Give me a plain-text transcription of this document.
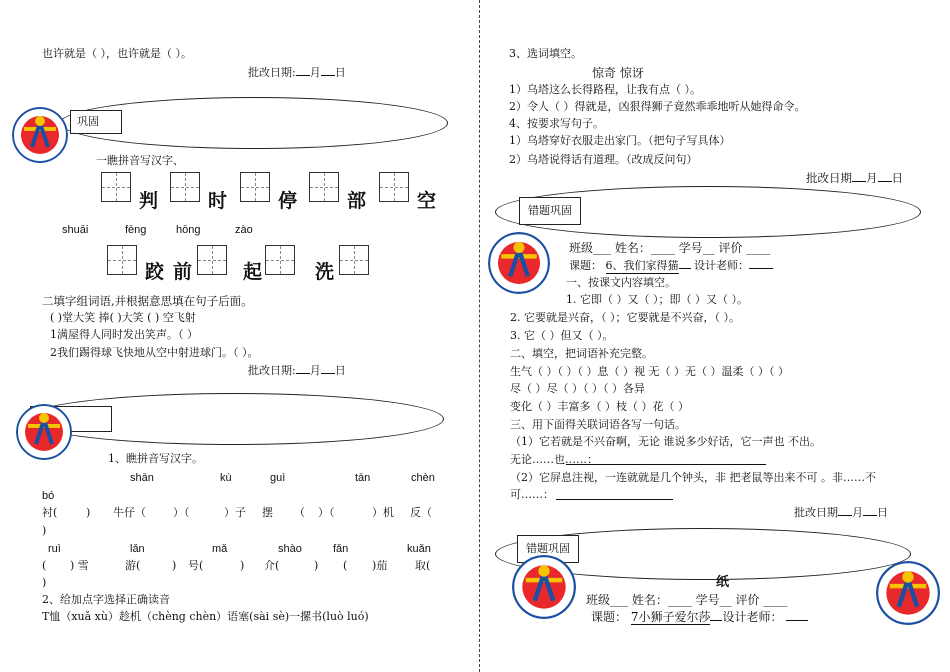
也许就是（ ），也许就是（ ）。
批改日期: 月 日
巩固
一瞧拼音写汉字、
判	时	停	部	空
shuāi	fēng	hōng	zào
跤 前	起	洗
二填字组词语,并根据意思填在句子后面。
( )堂大笑 捧( )大笑 ( ) 空飞射
1满屋得人同时发出笑声。（ ）
2我们踢得球飞快地从空中射进球门。（ ）。
批改日期: 月 日
1、瞧拼音写汉字。
shān	kù	guì	tān	chèn
bó
衬(	) 牛仔（ ）（	）子 摆 （ ）（	）机 反（
)
ruì	lǎn	mǎ	shào	fǎn	kuǎn
( ) 雪	游(	) 号(	) 介(	) ( )茄	取(
)
2、给加点字选择正确读音
T恤（xuǎ xù）趁机（chèng chèn）语塞(sài sè)一摞书(luò luó)
3、选词填空。
惊奇 惊讶
1）乌塔这么长得路程，让我有点（ ）。
2）令人（ ）得就是，凶狠得狮子竟然乖乖地听从她得命令。
4、按要求写句子。
1）乌塔穿好衣服走出家门。（把句子写具体）
2）乌塔说得话有道理。（改成反问句）
批改日期 月 日
错题巩固
班级___ 姓名：____ 学号__ 评价 ____
课题： 6、我们家得猫 设计老师：
一、按课文内容填空。
1. 它即（ ）又（ ）；即（ ）又（ ）。
2. 它要就是兴奋，（ ）；它要就是不兴奋，（ ）。
3. 它（ ）但又（ ）。
二、填空，把词语补充完整。
生气（ ）（ ）（ ）息（ ）视 无（ ）无（ ）温柔（ ）（ ）
尽（ ）尽（ ）（ ）（ ）各异
变化（ ）丰富多（ ）枝（ ）花（ ）
三、用下面得关联词语各写一句话。
（1）它若就是不兴奋啊，无论 谁说多少好话，它一声也 不出。
无论……也……：
（2）它屏息注视，一连就就是几个钟头，非 把老鼠等出来不可 。非……不
可……：
批改日期 月 日
错题巩固
纸
班级___ 姓名：____ 学号__ 评价 ____
课题： 7小狮子爱尔莎 设计老师：
